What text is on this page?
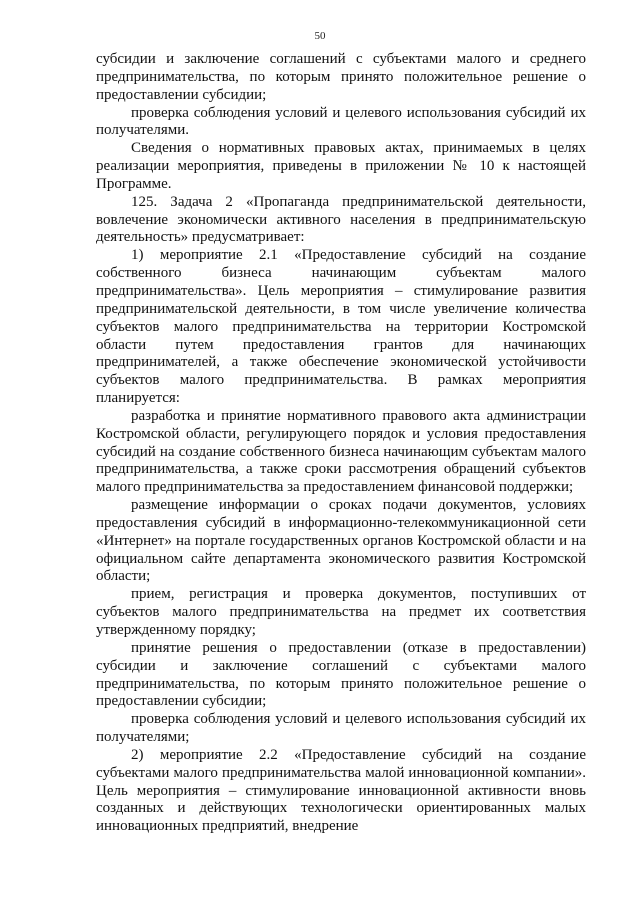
50

субсидии и заключение соглашений с субъектами малого и среднего предпринимательства, по которым принято положительное решение о предоставлении субсидии;

проверка соблюдения условий и целевого использования субсидий их получателями.

Сведения о нормативных правовых актах, принимаемых в целях реализации мероприятия, приведены в приложении № 10 к настоящей Программе.

125. Задача 2 «Пропаганда предпринимательской деятельности, вовлечение экономически активного населения в предпринимательскую деятельность» предусматривает:

1) мероприятие 2.1 «Предоставление субсидий на создание собственного бизнеса начинающим субъектам малого предпринимательства». Цель мероприятия – стимулирование развития предпринимательской деятельности, в том числе увеличение количества субъектов малого предпринимательства на территории Костромской области путем предоставления грантов для начинающих предпринимателей, а также обеспечение экономической устойчивости субъектов малого предпринимательства. В рамках мероприятия планируется:

разработка и принятие нормативного правового акта администрации Костромской области, регулирующего порядок и условия предоставления субсидий на создание собственного бизнеса начинающим субъектам малого предпринимательства, а также сроки рассмотрения обращений субъектов малого предпринимательства за предоставлением финансовой поддержки;

размещение информации о сроках подачи документов, условиях предоставления субсидий в информационно-телекоммуникационной сети «Интернет» на портале государственных органов Костромской области и на официальном сайте департамента экономического развития Костромской области;

прием, регистрация и проверка документов, поступивших от субъектов малого предпринимательства на предмет их соответствия утвержденному порядку;

принятие решения о предоставлении (отказе в предоставлении) субсидии и заключение соглашений с субъектами малого предпринимательства, по которым принято положительное решение о предоставлении субсидии;

проверка соблюдения условий и целевого использования субсидий их получателями;

2) мероприятие 2.2 «Предоставление субсидий на создание субъектами малого предпринимательства малой инновационной компании». Цель мероприятия – стимулирование инновационной активности вновь созданных и действующих технологически ориентированных малых инновационных предприятий, внедрение
